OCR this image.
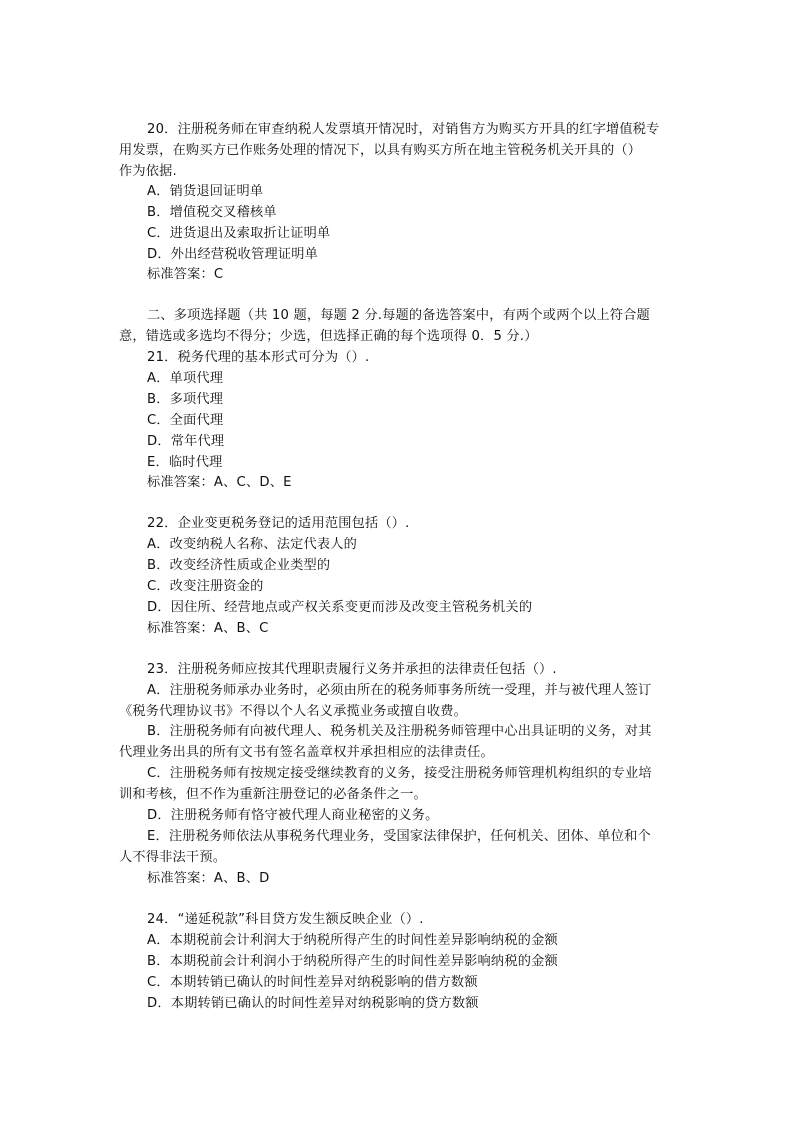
20．注册税务师在审查纳税人发票填开情况时，对销售方为购买方开具的红字增值税专
用发票，在购买方已作账务处理的情况下，以具有购买方所在地主管税务机关开具的（）
作为依据.
A．销货退回证明单
B．增值税交叉稽核单
C．进货退出及索取折让证明单
D．外出经营税收管理证明单
标准答案：C
二、多项选择题（共 10 题，每题 2 分.每题的备选答案中，有两个或两个以上符合题
意，错选或多选均不得分；少选，但选择正确的每个选项得 0．5 分.）
21．税务代理的基本形式可分为（）.
A．单项代理
B．多项代理
C．全面代理
D．常年代理
E．临时代理
标准答案：A、C、D、E
22．企业变更税务登记的适用范围包括（）.
A．改变纳税人名称、法定代表人的
B．改变经济性质或企业类型的
C．改变注册资金的
D．因住所、经营地点或产权关系变更而涉及改变主管税务机关的
标准答案：A、B、C
23．注册税务师应按其代理职责履行义务并承担的法律责任包括（）.
A．注册税务师承办业务时，必须由所在的税务师事务所统一受理，并与被代理人签订
《税务代理协议书》不得以个人名义承揽业务或擅自收费。
B．注册税务师有向被代理人、税务机关及注册税务师管理中心出具证明的义务，对其
代理业务出具的所有文书有签名盖章权并承担相应的法律责任。
C．注册税务师有按规定接受继续教育的义务，接受注册税务师管理机构组织的专业培
训和考核，但不作为重新注册登记的必备条件之一。
D．注册税务师有恪守被代理人商业秘密的义务。
E．注册税务师依法从事税务代理业务，受国家法律保护，任何机关、团体、单位和个
人不得非法干预。
标准答案：A、B、D
24．“递延税款”科目贷方发生额反映企业（）.
A．本期税前会计利润大于纳税所得产生的时间性差异影响纳税的金额
B．本期税前会计利润小于纳税所得产生的时间性差异影响纳税的金额
C．本期转销已确认的时间性差异对纳税影响的借方数额
D．本期转销已确认的时间性差异对纳税影响的贷方数额
